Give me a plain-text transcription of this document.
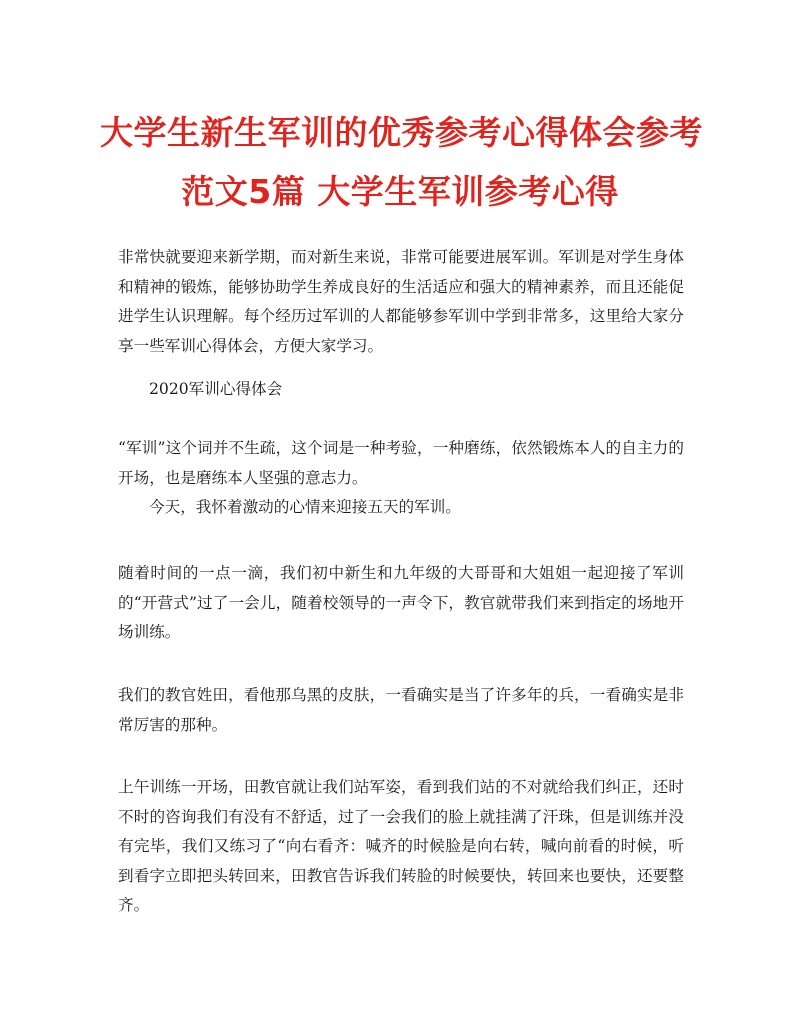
大学生新生军训的优秀参考心得体会参考
范文5篇 大学生军训参考心得

非常快就要迎来新学期，而对新生来说，非常可能要进展军训。军训是对学生身体和精神的锻炼，能够协助学生养成良好的生活适应和强大的精神素养，而且还能促进学生认识理解。每个经历过军训的人都能够参军训中学到非常多，这里给大家分享一些军训心得体会，方便大家学习。

2020军训心得体会

“军训”这个词并不生疏，这个词是一种考验，一种磨练，依然锻炼本人的自主力的开场，也是磨练本人坚强的意志力。

今天，我怀着激动的心情来迎接五天的军训。

随着时间的一点一滴，我们初中新生和九年级的大哥哥和大姐姐一起迎接了军训的“开营式”过了一会儿，随着校领导的一声令下，教官就带我们来到指定的场地开场训练。

我们的教官姓田，看他那乌黑的皮肤，一看确实是当了许多年的兵，一看确实是非常厉害的那种。

上午训练一开场，田教官就让我们站军姿，看到我们站的不对就给我们纠正，还时不时的咨询我们有没有不舒适，过了一会我们的脸上就挂满了汗珠，但是训练并没有完毕，我们又练习了“向右看齐：喊齐的时候脸是向右转，喊向前看的时候，听到看字立即把头转回来，田教官告诉我们转脸的时候要快，转回来也要快，还要整齐。
